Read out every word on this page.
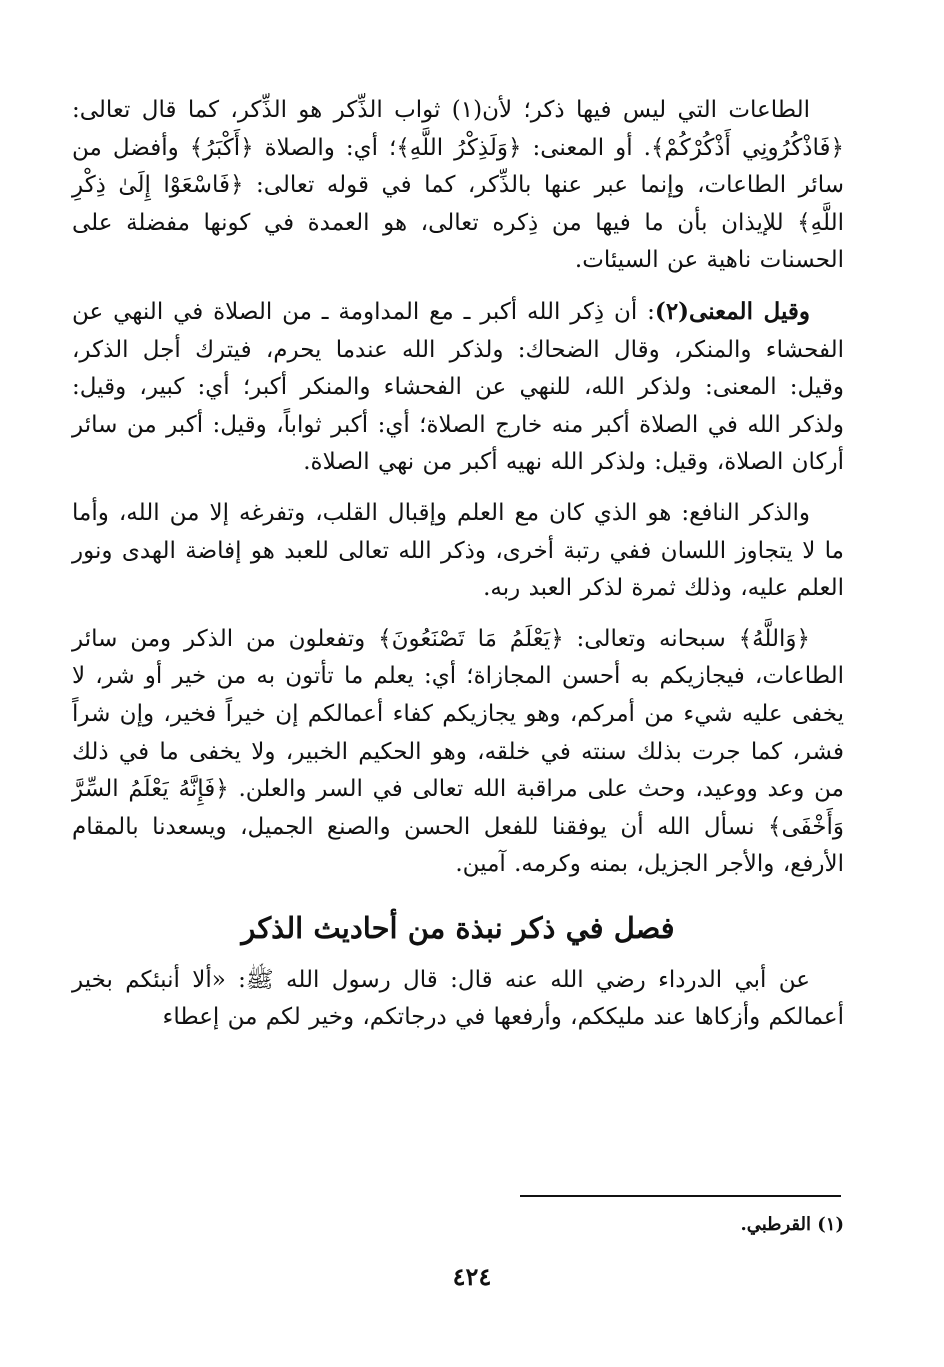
الطاعات التي ليس فيها ذكر؛ لأن(١) ثواب الذِّكر هو الذِّكر، كما قال تعالى: ﴿فَاذْكُرُونِي أَذْكُرْكُمْ﴾. أو المعنى: ﴿وَلَذِكْرُ اللَّهِ﴾؛ أي: والصلاة ﴿أَكْبَرُ﴾ وأفضل من سائر الطاعات، وإنما عبر عنها بالذِّكر، كما في قوله تعالى: ﴿فَاسْعَوْا إِلَىٰ ذِكْرِ اللَّهِ﴾ للإيذان بأن ما فيها من ذِكره تعالى، هو العمدة في كونها مفضلة على الحسنات ناهية عن السيئات.

وقيل المعنى(٢): أن ذِكر الله أكبر ـ مع المداومة ـ من الصلاة في النهي عن الفحشاء والمنكر، وقال الضحاك: ولذكر الله عندما يحرم، فيترك أجل الذكر، وقيل: المعنى: ولذكر الله، للنهي عن الفحشاء والمنكر أكبر؛ أي: كبير، وقيل: ولذكر الله في الصلاة أكبر منه خارج الصلاة؛ أي: أكبر ثواباً، وقيل: أكبر من سائر أركان الصلاة، وقيل: ولذكر الله نهيه أكبر من نهي الصلاة.

والذكر النافع: هو الذي كان مع العلم وإقبال القلب، وتفرغه إلا من الله، وأما ما لا يتجاوز اللسان ففي رتبة أخرى، وذكر الله تعالى للعبد هو إفاضة الهدى ونور العلم عليه، وذلك ثمرة لذكر العبد ربه.

﴿وَاللَّهُ﴾ سبحانه وتعالى: ﴿يَعْلَمُ مَا تَصْنَعُونَ﴾ وتفعلون من الذكر ومن سائر الطاعات، فيجازيكم به أحسن المجازاة؛ أي: يعلم ما تأتون به من خير أو شر، لا يخفى عليه شيء من أمركم، وهو يجازيكم كفاء أعمالكم إن خيراً فخير، وإن شراً فشر، كما جرت بذلك سنته في خلقه، وهو الحكيم الخبير، ولا يخفى ما في ذلك من وعد ووعيد، وحث على مراقبة الله تعالى في السر والعلن. ﴿فَإِنَّهُ يَعْلَمُ السِّرَّ وَأَخْفَى﴾ نسأل الله أن يوفقنا للفعل الحسن والصنع الجميل، ويسعدنا بالمقام الأرفع، والأجر الجزيل، بمنه وكرمه. آمين.

فصل في ذكر نبذة من أحاديث الذكر

عن أبي الدرداء رضي الله عنه قال: قال رسول الله ﷺ: «ألا أنبئكم بخير أعمالكم وأزكاها عند مليككم، وأرفعها في درجاتكم، وخير لكم من إعطاء

(١) القرطبي.
٤٢٤
